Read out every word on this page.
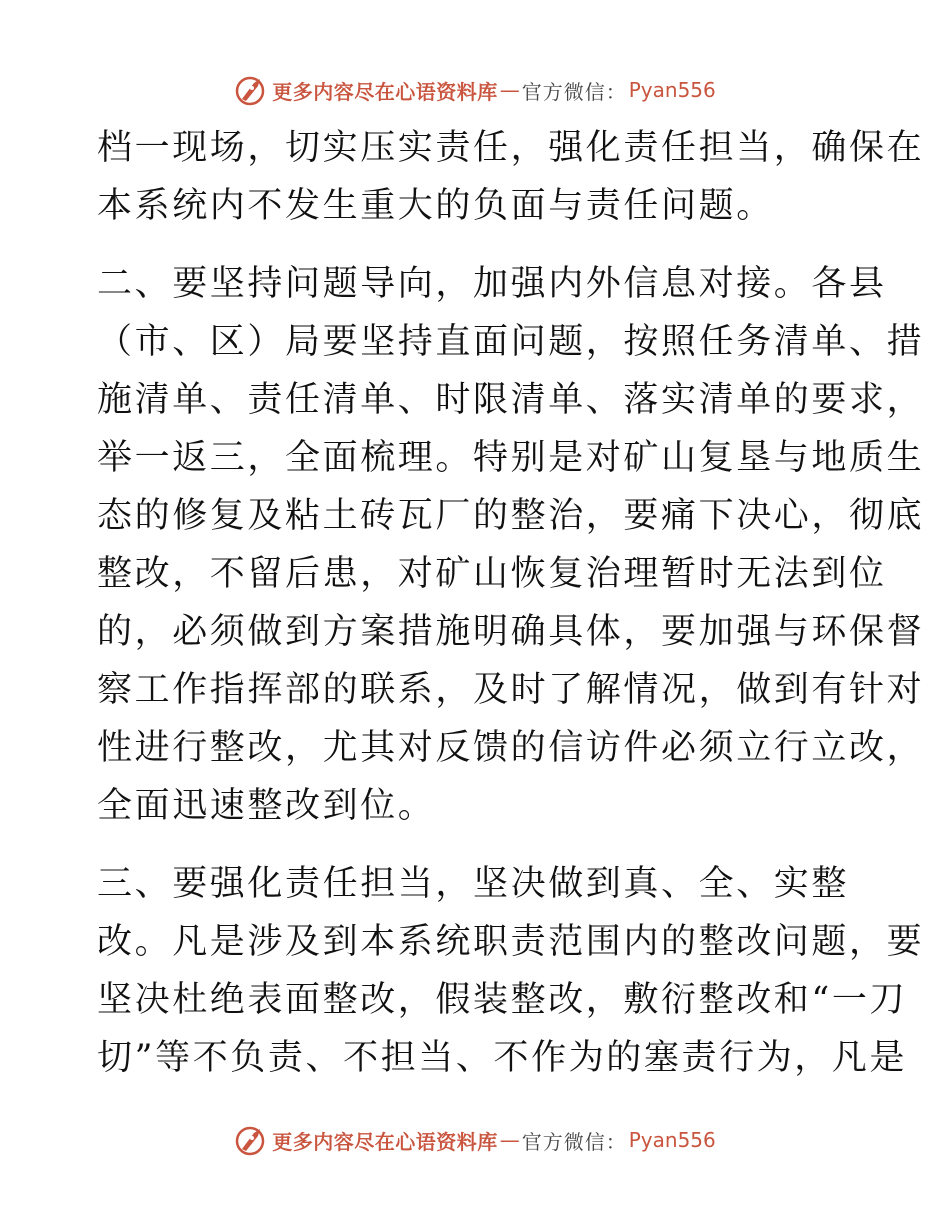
更多内容尽在心语资料库 — 官方微信： Pyan556

档一现场，切实压实责任，强化责任担当，确保在
本系统内不发生重大的负面与责任问题。

二、要坚持问题导向，加强内外信息对接。各县
（市、区）局要坚持直面问题，按照任务清单、措
施清单、责任清单、时限清单、落实清单的要求，
举一返三，全面梳理。特别是对矿山复垦与地质生
态的修复及粘土砖瓦厂的整治，要痛下决心，彻底
整改，不留后患，对矿山恢复治理暂时无法到位
的，必须做到方案措施明确具体，要加强与环保督
察工作指挥部的联系，及时了解情况，做到有针对
性进行整改，尤其对反馈的信访件必须立行立改，
全面迅速整改到位。

三、要强化责任担当，坚决做到真、全、实整
改。凡是涉及到本系统职责范围内的整改问题，要
坚决杜绝表面整改，假装整改，敷衍整改和“一刀
切”等不负责、不担当、不作为的塞责行为，凡是

更多内容尽在心语资料库 — 官方微信： Pyan556
